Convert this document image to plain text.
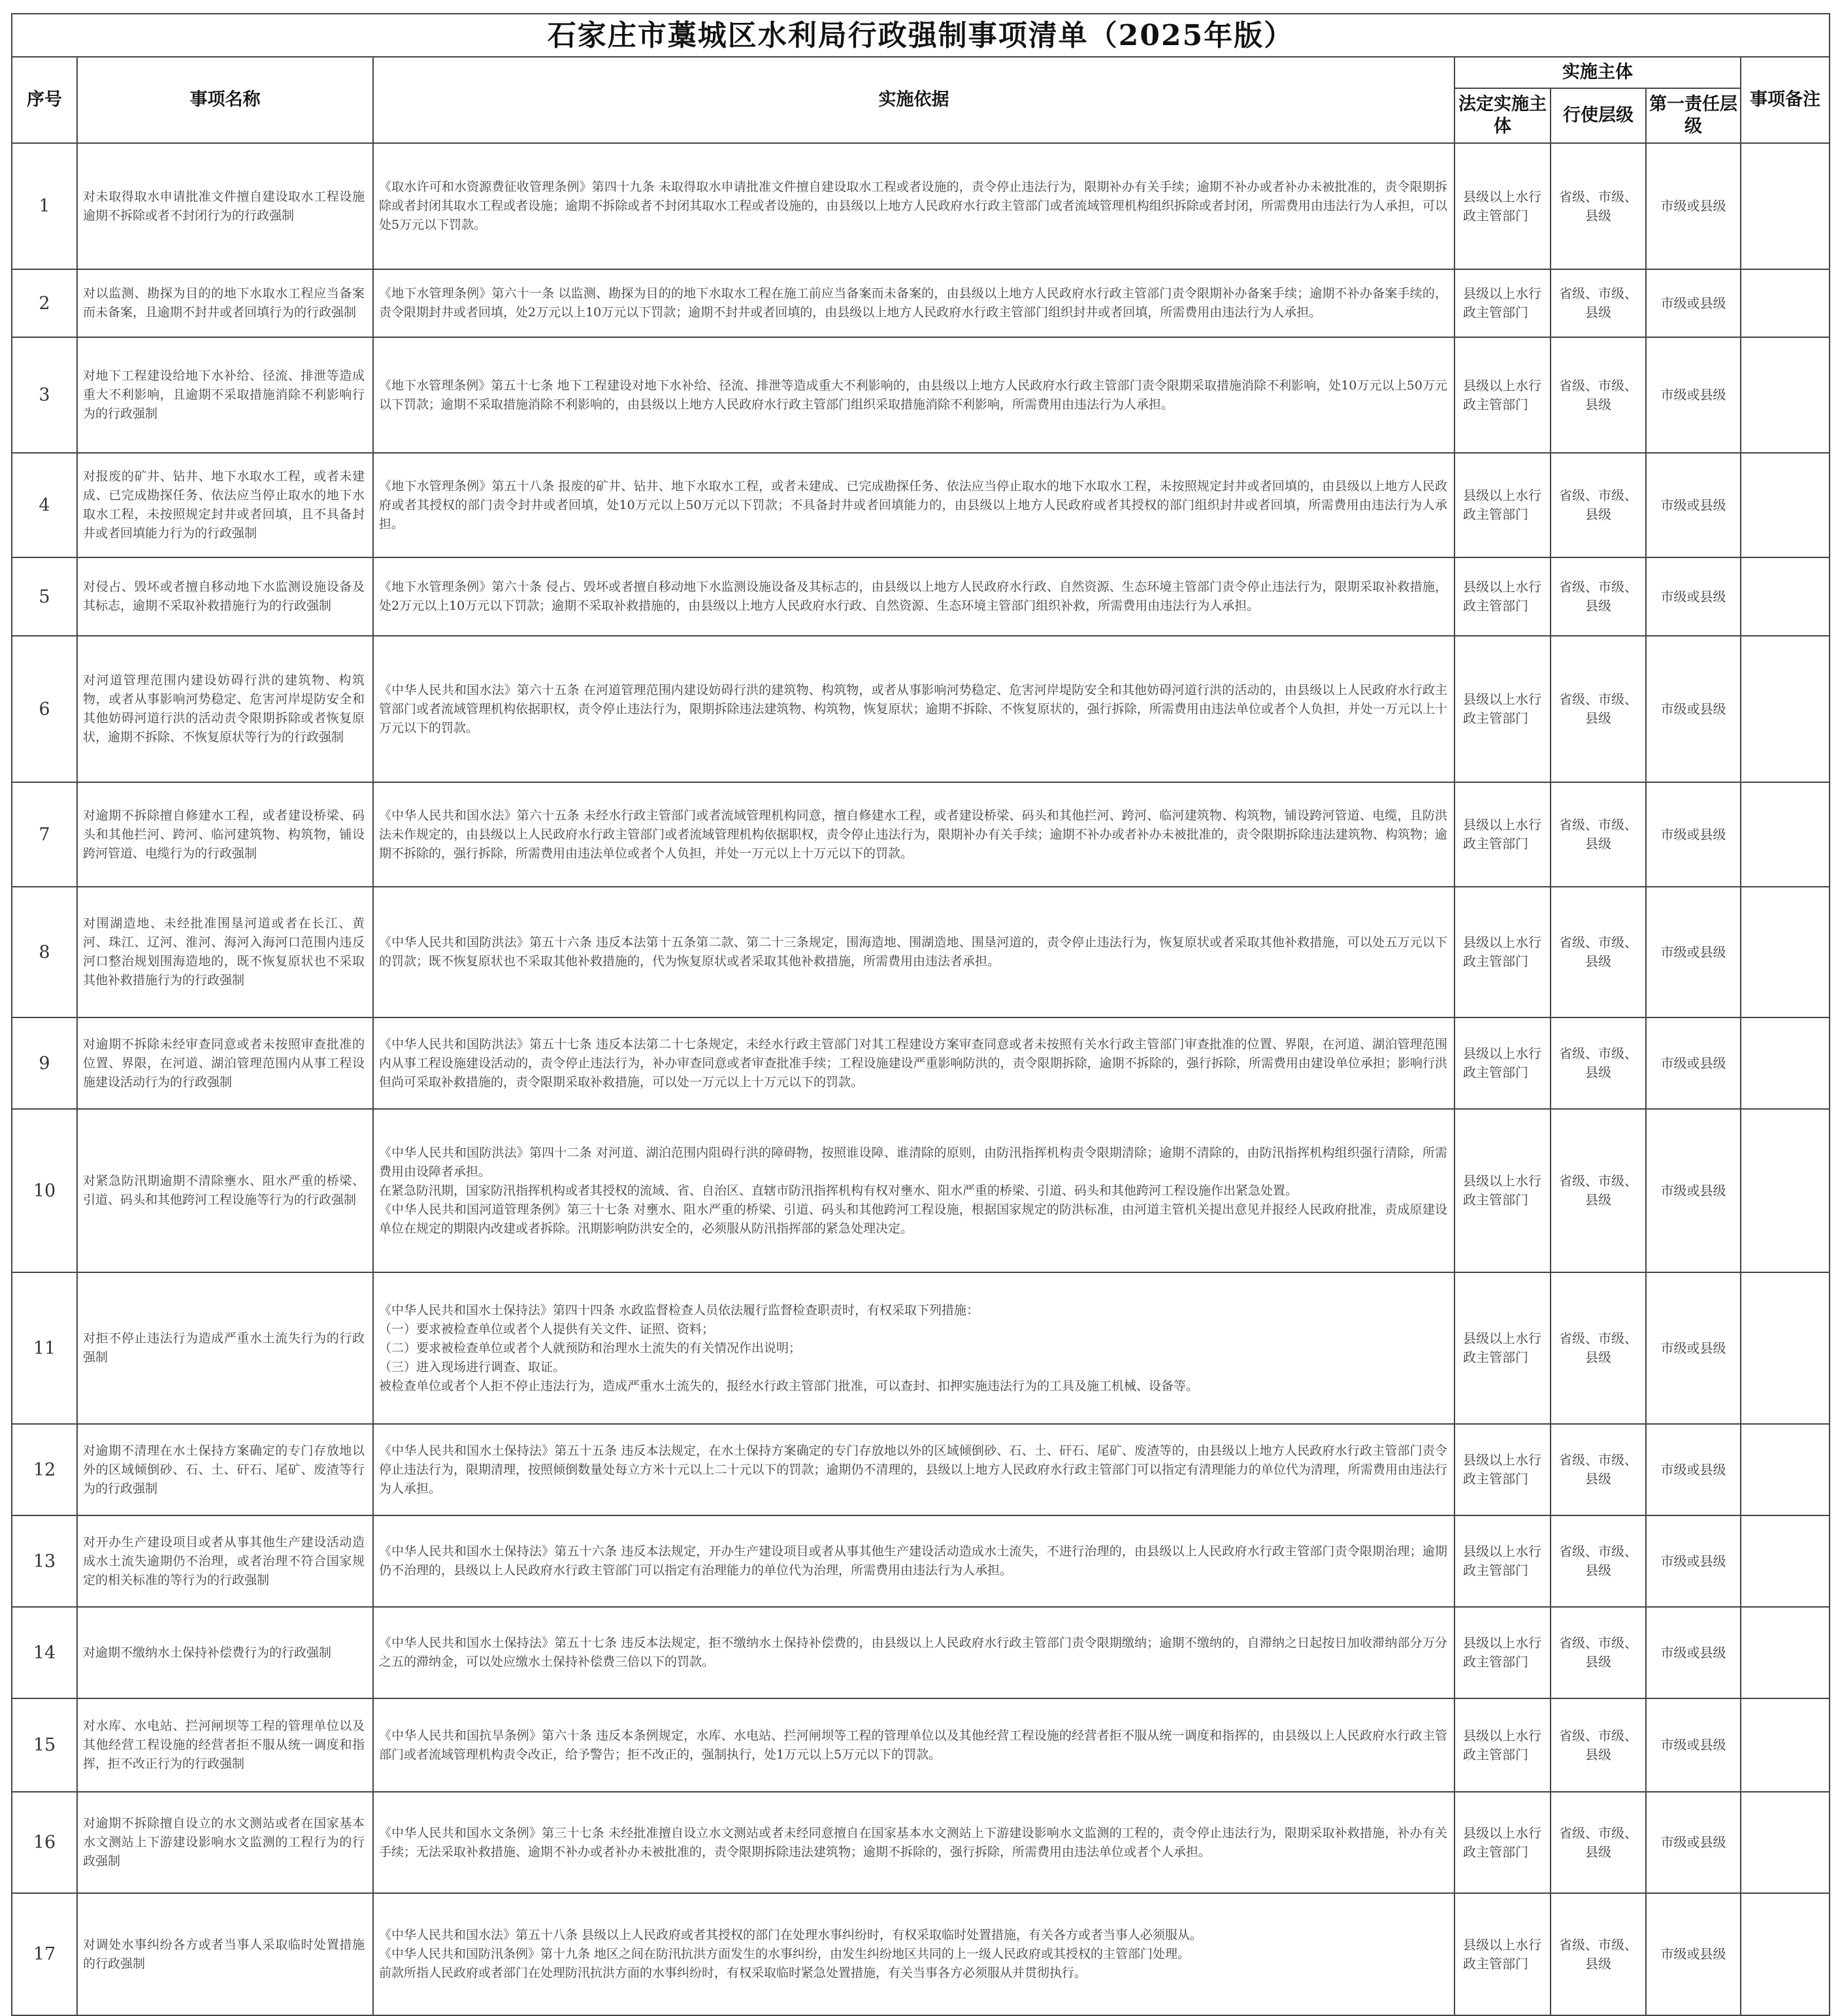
石家庄市藁城区水利局行政强制事项清单（2025年版）						
序号	事项名称	实施依据	实施主体			事项备注
			法定实施主体	行使层级	第一责任层级	
1	对未取得取水申请批准文件擅自建设取水工程设施逾期不拆除或者不封闭行为的行政强制	《取水许可和水资源费征收管理条例》第四十九条 未取得取水申请批准文件擅自建设取水工程或者设施的，责令停止违法行为，限期补办有关手续；逾期不补办或者补办未被批准的，责令限期拆除或者封闭其取水工程或者设施；逾期不拆除或者不封闭其取水工程或者设施的，由县级以上地方人民政府水行政主管部门或者流域管理机构组织拆除或者封闭，所需费用由违法行为人承担，可以处5万元以下罚款。	县级以上水行政主管部门	省级、市级、县级	市级或县级	
2	对以监测、勘探为目的的地下水取水工程应当备案而未备案，且逾期不封井或者回填行为的行政强制	《地下水管理条例》第六十一条 以监测、勘探为目的的地下水取水工程在施工前应当备案而未备案的，由县级以上地方人民政府水行政主管部门责令限期补办备案手续；逾期不补办备案手续的，责令限期封井或者回填，处2万元以上10万元以下罚款；逾期不封井或者回填的，由县级以上地方人民政府水行政主管部门组织封井或者回填，所需费用由违法行为人承担。	县级以上水行政主管部门	省级、市级、县级	市级或县级	
3	对地下工程建设给地下水补给、径流、排泄等造成重大不利影响，且逾期不采取措施消除不利影响行为的行政强制	《地下水管理条例》第五十七条 地下工程建设对地下水补给、径流、排泄等造成重大不利影响的，由县级以上地方人民政府水行政主管部门责令限期采取措施消除不利影响，处10万元以上50万元以下罚款；逾期不采取措施消除不利影响的，由县级以上地方人民政府水行政主管部门组织采取措施消除不利影响，所需费用由违法行为人承担。	县级以上水行政主管部门	省级、市级、县级	市级或县级	
4	对报废的矿井、钻井、地下水取水工程，或者未建成、已完成勘探任务、依法应当停止取水的地下水取水工程，未按照规定封井或者回填，且不具备封井或者回填能力行为的行政强制	《地下水管理条例》第五十八条 报废的矿井、钻井、地下水取水工程，或者未建成、已完成勘探任务、依法应当停止取水的地下水取水工程，未按照规定封井或者回填的，由县级以上地方人民政府或者其授权的部门责令封井或者回填，处10万元以上50万元以下罚款；不具备封井或者回填能力的，由县级以上地方人民政府或者其授权的部门组织封井或者回填，所需费用由违法行为人承担。	县级以上水行政主管部门	省级、市级、县级	市级或县级	
5	对侵占、毁坏或者擅自移动地下水监测设施设备及其标志，逾期不采取补救措施行为的行政强制	《地下水管理条例》第六十条 侵占、毁坏或者擅自移动地下水监测设施设备及其标志的，由县级以上地方人民政府水行政、自然资源、生态环境主管部门责令停止违法行为，限期采取补救措施，处2万元以上10万元以下罚款；逾期不采取补救措施的，由县级以上地方人民政府水行政、自然资源、生态环境主管部门组织补救，所需费用由违法行为人承担。	县级以上水行政主管部门	省级、市级、县级	市级或县级	
6	对河道管理范围内建设妨碍行洪的建筑物、构筑物，或者从事影响河势稳定、危害河岸堤防安全和其他妨碍河道行洪的活动责令限期拆除或者恢复原状，逾期不拆除、不恢复原状等行为的行政强制	《中华人民共和国水法》第六十五条 在河道管理范围内建设妨碍行洪的建筑物、构筑物，或者从事影响河势稳定、危害河岸堤防安全和其他妨碍河道行洪的活动的，由县级以上人民政府水行政主管部门或者流域管理机构依据职权，责令停止违法行为，限期拆除违法建筑物、构筑物，恢复原状；逾期不拆除、不恢复原状的，强行拆除，所需费用由违法单位或者个人负担，并处一万元以上十万元以下的罚款。	县级以上水行政主管部门	省级、市级、县级	市级或县级	
7	对逾期不拆除擅自修建水工程，或者建设桥梁、码头和其他拦河、跨河、临河建筑物、构筑物，铺设跨河管道、电缆行为的行政强制	《中华人民共和国水法》第六十五条 未经水行政主管部门或者流域管理机构同意，擅自修建水工程，或者建设桥梁、码头和其他拦河、跨河、临河建筑物、构筑物，铺设跨河管道、电缆，且防洪法未作规定的，由县级以上人民政府水行政主管部门或者流域管理机构依据职权，责令停止违法行为，限期补办有关手续；逾期不补办或者补办未被批准的，责令限期拆除违法建筑物、构筑物；逾期不拆除的，强行拆除，所需费用由违法单位或者个人负担，并处一万元以上十万元以下的罚款。	县级以上水行政主管部门	省级、市级、县级	市级或县级	
8	对围湖造地、未经批准围垦河道或者在长江、黄河、珠江、辽河、淮河、海河入海河口范围内违反河口整治规划围海造地的，既不恢复原状也不采取其他补救措施行为的行政强制	《中华人民共和国防洪法》第五十六条 违反本法第十五条第二款、第二十三条规定，围海造地、围湖造地、围垦河道的，责令停止违法行为，恢复原状或者采取其他补救措施，可以处五万元以下的罚款；既不恢复原状也不采取其他补救措施的，代为恢复原状或者采取其他补救措施，所需费用由违法者承担。	县级以上水行政主管部门	省级、市级、县级	市级或县级	
9	对逾期不拆除未经审查同意或者未按照审查批准的位置、界限，在河道、湖泊管理范围内从事工程设施建设活动行为的行政强制	《中华人民共和国防洪法》第五十七条 违反本法第二十七条规定，未经水行政主管部门对其工程建设方案审查同意或者未按照有关水行政主管部门审查批准的位置、界限，在河道、湖泊管理范围内从事工程设施建设活动的，责令停止违法行为，补办审查同意或者审查批准手续；工程设施建设严重影响防洪的，责令限期拆除，逾期不拆除的，强行拆除，所需费用由建设单位承担；影响行洪但尚可采取补救措施的，责令限期采取补救措施，可以处一万元以上十万元以下的罚款。	县级以上水行政主管部门	省级、市级、县级	市级或县级	
10	对紧急防汛期逾期不清除壅水、阻水严重的桥梁、引道、码头和其他跨河工程设施等行为的行政强制	《中华人民共和国防洪法》第四十二条 对河道、湖泊范围内阻碍行洪的障碍物，按照谁设障、谁清除的原则，由防汛指挥机构责令限期清除；逾期不清除的，由防汛指挥机构组织强行清除，所需费用由设障者承担。
在紧急防汛期，国家防汛指挥机构或者其授权的流域、省、自治区、直辖市防汛指挥机构有权对壅水、阻水严重的桥梁、引道、码头和其他跨河工程设施作出紧急处置。
《中华人民共和国河道管理条例》第三十七条 对壅水、阻水严重的桥梁、引道、码头和其他跨河工程设施，根据国家规定的防洪标准，由河道主管机关提出意见并报经人民政府批准，责成原建设单位在规定的期限内改建或者拆除。汛期影响防洪安全的，必须服从防汛指挥部的紧急处理决定。	县级以上水行政主管部门	省级、市级、县级	市级或县级	
11	对拒不停止违法行为造成严重水土流失行为的行政强制	《中华人民共和国水土保持法》第四十四条 水政监督检查人员依法履行监督检查职责时，有权采取下列措施：
（一）要求被检查单位或者个人提供有关文件、证照、资料；
（二）要求被检查单位或者个人就预防和治理水土流失的有关情况作出说明；
（三）进入现场进行调查、取证。
被检查单位或者个人拒不停止违法行为，造成严重水土流失的，报经水行政主管部门批准，可以查封、扣押实施违法行为的工具及施工机械、设备等。	县级以上水行政主管部门	省级、市级、县级	市级或县级	
12	对逾期不清理在水土保持方案确定的专门存放地以外的区域倾倒砂、石、土、矸石、尾矿、废渣等行为的行政强制	《中华人民共和国水土保持法》第五十五条 违反本法规定，在水土保持方案确定的专门存放地以外的区域倾倒砂、石、土、矸石、尾矿、废渣等的，由县级以上地方人民政府水行政主管部门责令停止违法行为，限期清理，按照倾倒数量处每立方米十元以上二十元以下的罚款；逾期仍不清理的，县级以上地方人民政府水行政主管部门可以指定有清理能力的单位代为清理，所需费用由违法行为人承担。	县级以上水行政主管部门	省级、市级、县级	市级或县级	
13	对开办生产建设项目或者从事其他生产建设活动造成水土流失逾期仍不治理，或者治理不符合国家规定的相关标准的等行为的行政强制	《中华人民共和国水土保持法》第五十六条 违反本法规定，开办生产建设项目或者从事其他生产建设活动造成水土流失，不进行治理的，由县级以上人民政府水行政主管部门责令限期治理；逾期仍不治理的，县级以上人民政府水行政主管部门可以指定有治理能力的单位代为治理，所需费用由违法行为人承担。	县级以上水行政主管部门	省级、市级、县级	市级或县级	
14	对逾期不缴纳水土保持补偿费行为的行政强制	《中华人民共和国水土保持法》第五十七条 违反本法规定，拒不缴纳水土保持补偿费的，由县级以上人民政府水行政主管部门责令限期缴纳；逾期不缴纳的，自滞纳之日起按日加收滞纳部分万分之五的滞纳金，可以处应缴水土保持补偿费三倍以下的罚款。	县级以上水行政主管部门	省级、市级、县级	市级或县级	
15	对水库、水电站、拦河闸坝等工程的管理单位以及其他经营工程设施的经营者拒不服从统一调度和指挥，拒不改正行为的行政强制	《中华人民共和国抗旱条例》第六十条 违反本条例规定，水库、水电站、拦河闸坝等工程的管理单位以及其他经营工程设施的经营者拒不服从统一调度和指挥的，由县级以上人民政府水行政主管部门或者流域管理机构责令改正，给予警告；拒不改正的，强制执行，处1万元以上5万元以下的罚款。	县级以上水行政主管部门	省级、市级、县级	市级或县级	
16	对逾期不拆除擅自设立的水文测站或者在国家基本水文测站上下游建设影响水文监测的工程行为的行政强制	《中华人民共和国水文条例》第三十七条 未经批准擅自设立水文测站或者未经同意擅自在国家基本水文测站上下游建设影响水文监测的工程的，责令停止违法行为，限期采取补救措施，补办有关手续；无法采取补救措施、逾期不补办或者补办未被批准的，责令限期拆除违法建筑物；逾期不拆除的，强行拆除，所需费用由违法单位或者个人承担。	县级以上水行政主管部门	省级、市级、县级	市级或县级	
17	对调处水事纠纷各方或者当事人采取临时处置措施的行政强制	《中华人民共和国水法》第五十八条 县级以上人民政府或者其授权的部门在处理水事纠纷时，有权采取临时处置措施，有关各方或者当事人必须服从。
《中华人民共和国防汛条例》第十九条 地区之间在防汛抗洪方面发生的水事纠纷，由发生纠纷地区共同的上一级人民政府或其授权的主管部门处理。
前款所指人民政府或者部门在处理防汛抗洪方面的水事纠纷时，有权采取临时紧急处置措施，有关当事各方必须服从并贯彻执行。	县级以上水行政主管部门	省级、市级、县级	市级或县级	
